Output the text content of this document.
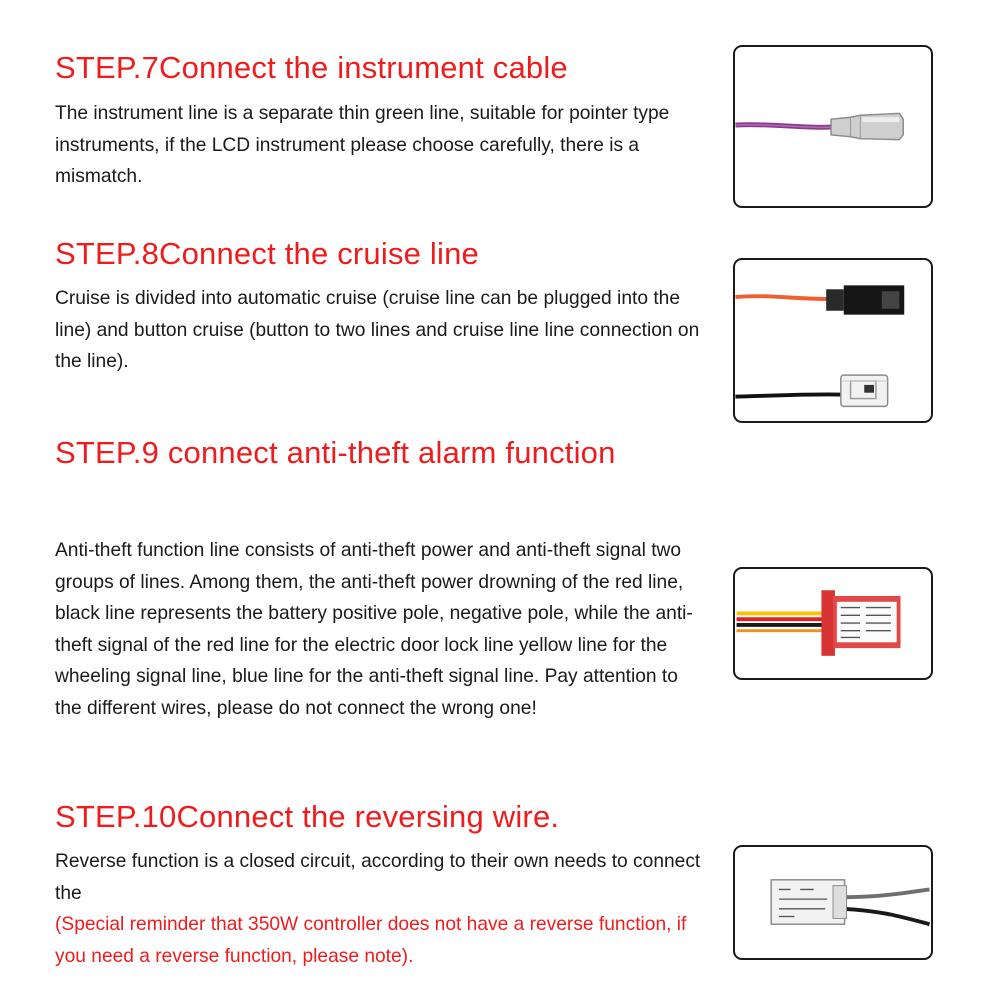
STEP.7Connect the instrument cable

The instrument line is a separate thin green line, suitable for pointer type instruments, if the LCD instrument please choose carefully, there is a mismatch.

STEP.8Connect the cruise line

Cruise is divided into automatic cruise (cruise line can be plugged into the line) and button cruise (button to two lines and cruise line line connection on the line).

STEP.9 connect anti-theft alarm function

Anti-theft function line consists of anti-theft power and anti-theft signal two groups of lines. Among them, the anti-theft power drowning of the red line, black line represents the battery positive pole, negative pole, while the anti-theft signal of the red line for the electric door lock line yellow line for the wheeling signal line, blue line for the anti-theft signal line. Pay attention to the different wires, please do not connect the wrong one!

STEP.10Connect the reversing wire.

Reverse function is a closed circuit, according to their own needs to connect the
(Special reminder that 350W controller does not have a reverse function, if you need a reverse function, please note).
